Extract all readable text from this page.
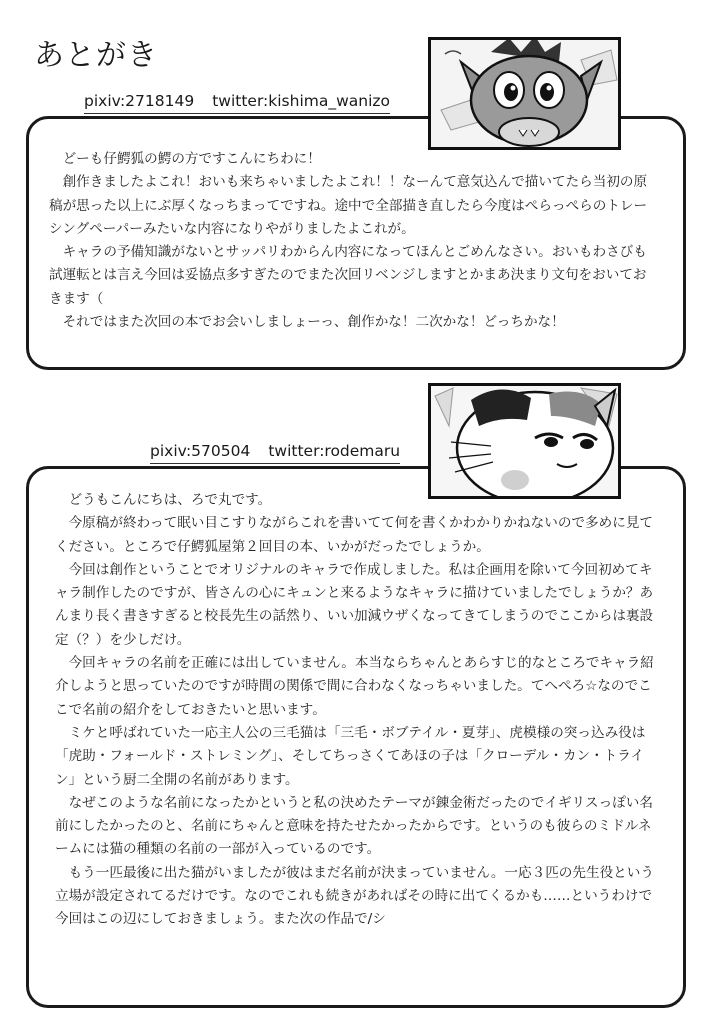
あとがき
pixiv:2718149 twitter:kishima_wanizo

どーも仔鰐狐の鰐の方ですこんにちわに！

創作きましたよこれ！おいも来ちゃいましたよこれ！！なーんて意気込んで描いてたら当初の原稿が思った以上にぶ厚くなっちまってですね。途中で全部描き直したら今度はぺらっぺらのトレーシングペーパーみたいな内容になりやがりましたよこれが。

キャラの予備知識がないとサッパリわからん内容になってほんとごめんなさい。おいもわさびも試運転とは言え今回は妥協点多すぎたのでまた次回リベンジしますとかまあ決まり文句をおいておきます（

それではまた次回の本でお会いしましょーっ、創作かな！二次かな！どっちかな！

pixiv:570504 twitter:rodemaru

どうもこんにちは、ろで丸です。

今原稿が終わって眠い目こすりながらこれを書いてて何を書くかわかりかねないので多めに見てください。ところで仔鰐狐屋第２回目の本、いかがだったでしょうか。

今回は創作ということでオリジナルのキャラで作成しました。私は企画用を除いて今回初めてキャラ制作したのですが、皆さんの心にキュンと来るようなキャラに描けていましたでしょうか？あんまり長く書きすぎると校長先生の話然り、いい加減ウザくなってきてしまうのでここからは裏設定（？）を少しだけ。

今回キャラの名前を正確には出していません。本当ならちゃんとあらすじ的なところでキャラ紹介しようと思っていたのですが時間の関係で間に合わなくなっちゃいました。てへぺろ☆なのでここで名前の紹介をしておきたいと思います。

ミケと呼ばれていた一応主人公の三毛猫は「三毛・ボブテイル・夏芽」、虎模様の突っ込み役は「虎助・フォールド・ストレミング」、そしてちっさくてあほの子は「クローデル・カン・トライン」という厨二全開の名前があります。

なぜこのような名前になったかというと私の決めたテーマが錬金術だったのでイギリスっぽい名前にしたかったのと、名前にちゃんと意味を持たせたかったからです。というのも彼らのミドルネームには猫の種類の名前の一部が入っているのです。

もう一匹最後に出た猫がいましたが彼はまだ名前が決まっていません。一応３匹の先生役という立場が設定されてるだけです。なのでこれも続きがあればその時に出てくるかも……というわけで今回はこの辺にしておきましょう。また次の作品で/シ
